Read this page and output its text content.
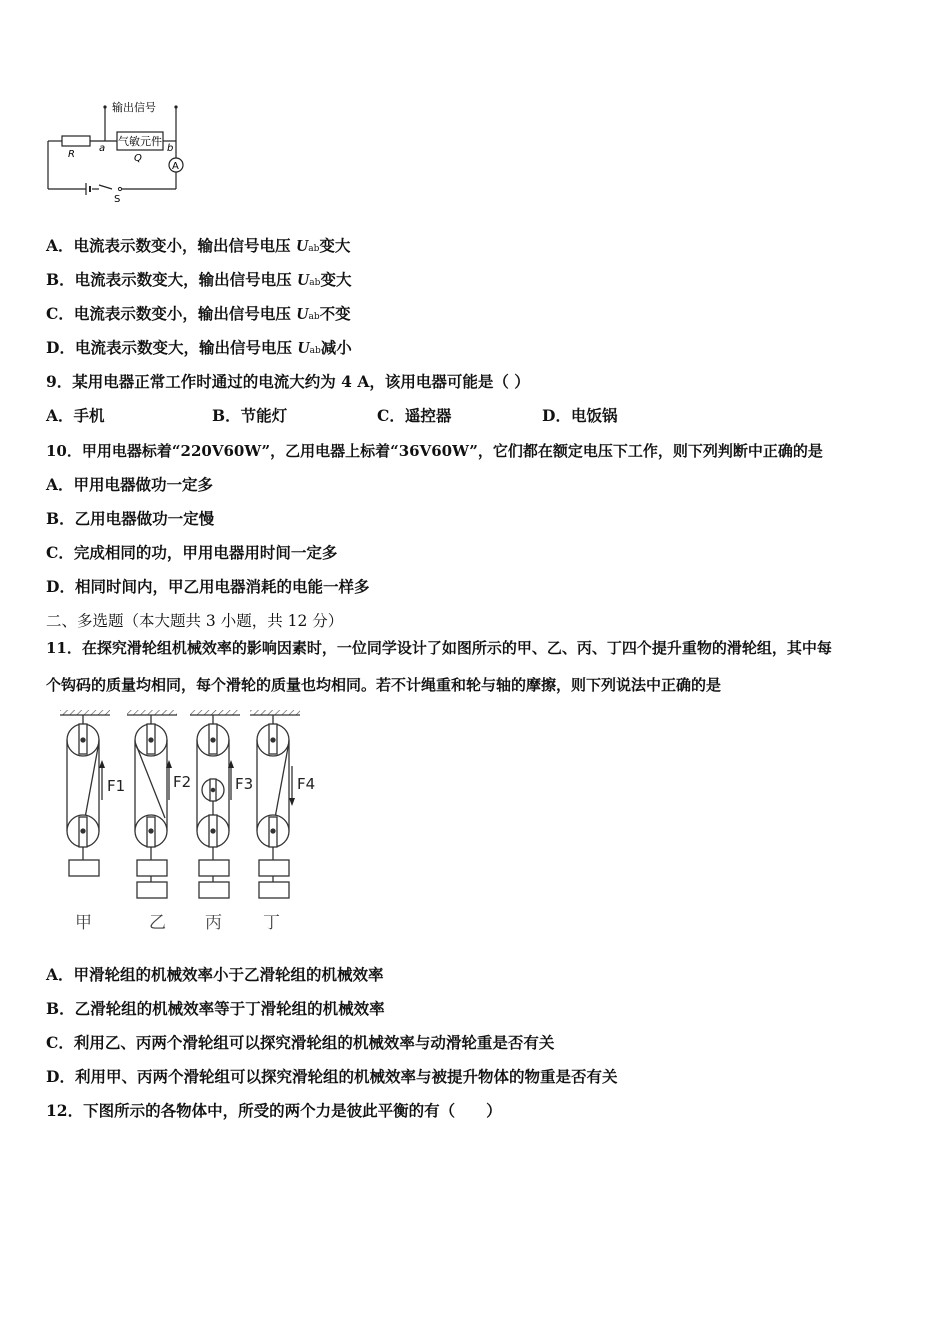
输出信号
R
a
气敏元件
b
Q
A
S
A．电流表示数变小，输出信号电压 Uab变大
B．电流表示数变大，输出信号电压 Uab变大
C．电流表示数变小，输出信号电压 Uab不变
D．电流表示数变大，输出信号电压 Uab减小
9．某用电器正常工作时通过的电流大约为 4 A，该用电器可能是（ ）
A．手机	B．节能灯	C．遥控器	D．电饭锅
10．甲用电器标着“220V60W”，乙用电器上标着“36V60W”，它们都在额定电压下工作，则下列判断中正确的是
A．甲用电器做功一定多
B．乙用电器做功一定慢
C．完成相同的功，甲用电器用时间一定多
D．相同时间内，甲乙用电器消耗的电能一样多
二、多选题（本大题共 3 小题，共 12 分）
11．在探究滑轮组机械效率的影响因素时，一位同学设计了如图所示的甲、乙、丙、丁四个提升重物的滑轮组，其中每
个钩码的质量均相同，每个滑轮的质量也均相同。若不计绳重和轮与轴的摩擦，则下列说法中正确的是
F1	F2	F3	F4
甲	乙 丙 丁
A．甲滑轮组的机械效率小于乙滑轮组的机械效率
B．乙滑轮组的机械效率等于丁滑轮组的机械效率
C．利用乙、丙两个滑轮组可以探究滑轮组的机械效率与动滑轮重是否有关
D．利用甲、丙两个滑轮组可以探究滑轮组的机械效率与被提升物体的物重是否有关
12．下图所示的各物体中，所受的两个力是彼此平衡的有（　　）
